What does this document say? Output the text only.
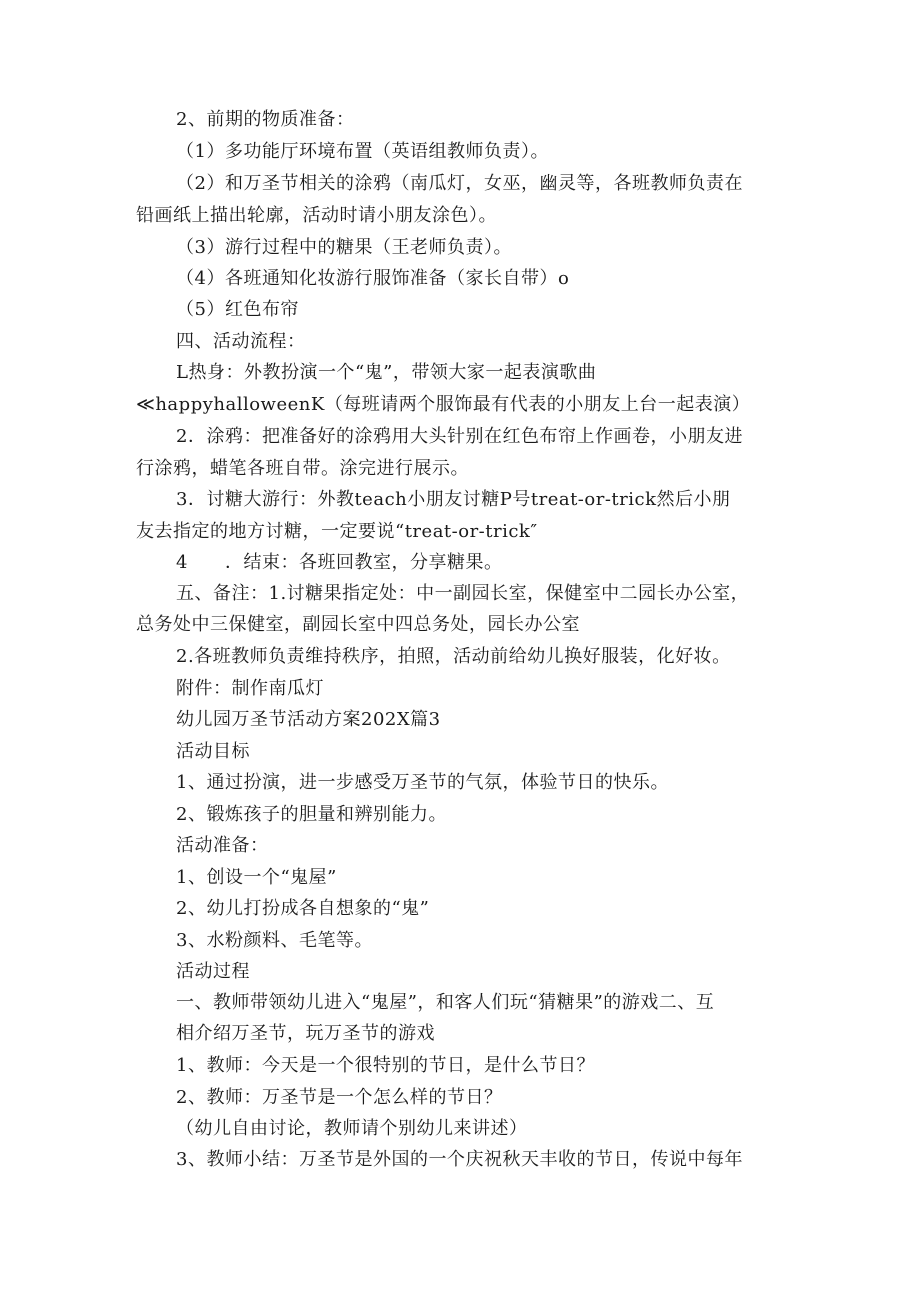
2、前期的物质准备：
（1）多功能厅环境布置（英语组教师负责）。
（2）和万圣节相关的涂鸦（南瓜灯，女巫，幽灵等，各班教师负责在
铅画纸上描出轮廓，活动时请小朋友涂色）。
（3）游行过程中的糖果（王老师负责）。
（4）各班通知化妆游行服饰准备（家长自带）o
（5）红色布帘
四、活动流程：
L热身：外教扮演一个“鬼”，带领大家一起表演歌曲
≪happyhalloweenK（每班请两个服饰最有代表的小朋友上台一起表演）
2．涂鸦：把准备好的涂鸦用大头针别在红色布帘上作画卷，小朋友进
行涂鸦，蜡笔各班自带。涂完进行展示。
3．讨糖大游行：外教teach小朋友讨糖P号treat-or-trick然后小朋
友去指定的地方讨糖，一定要说“treat-or-trick″
4　　．结束：各班回教室，分享糖果。
五、备注：1.讨糖果指定处：中一副园长室，保健室中二园长办公室，
总务处中三保健室，副园长室中四总务处，园长办公室
2.各班教师负责维持秩序，拍照，活动前给幼儿换好服装，化好妆。
附件：制作南瓜灯
幼儿园万圣节活动方案202X篇3
活动目标
1、通过扮演，进一步感受万圣节的气氛，体验节日的快乐。
2、锻炼孩子的胆量和辨别能力。
活动准备：
1、创设一个“鬼屋”
2、幼儿打扮成各自想象的“鬼”
3、水粉颜料、毛笔等。
活动过程
一、教师带领幼儿进入“鬼屋”，和客人们玩“猜糖果”的游戏二、互
相介绍万圣节，玩万圣节的游戏
1、教师：今天是一个很特别的节日，是什么节日？
2、教师：万圣节是一个怎么样的节日？
（幼儿自由讨论，教师请个别幼儿来讲述）
3、教师小结：万圣节是外国的一个庆祝秋天丰收的节日，传说中每年
